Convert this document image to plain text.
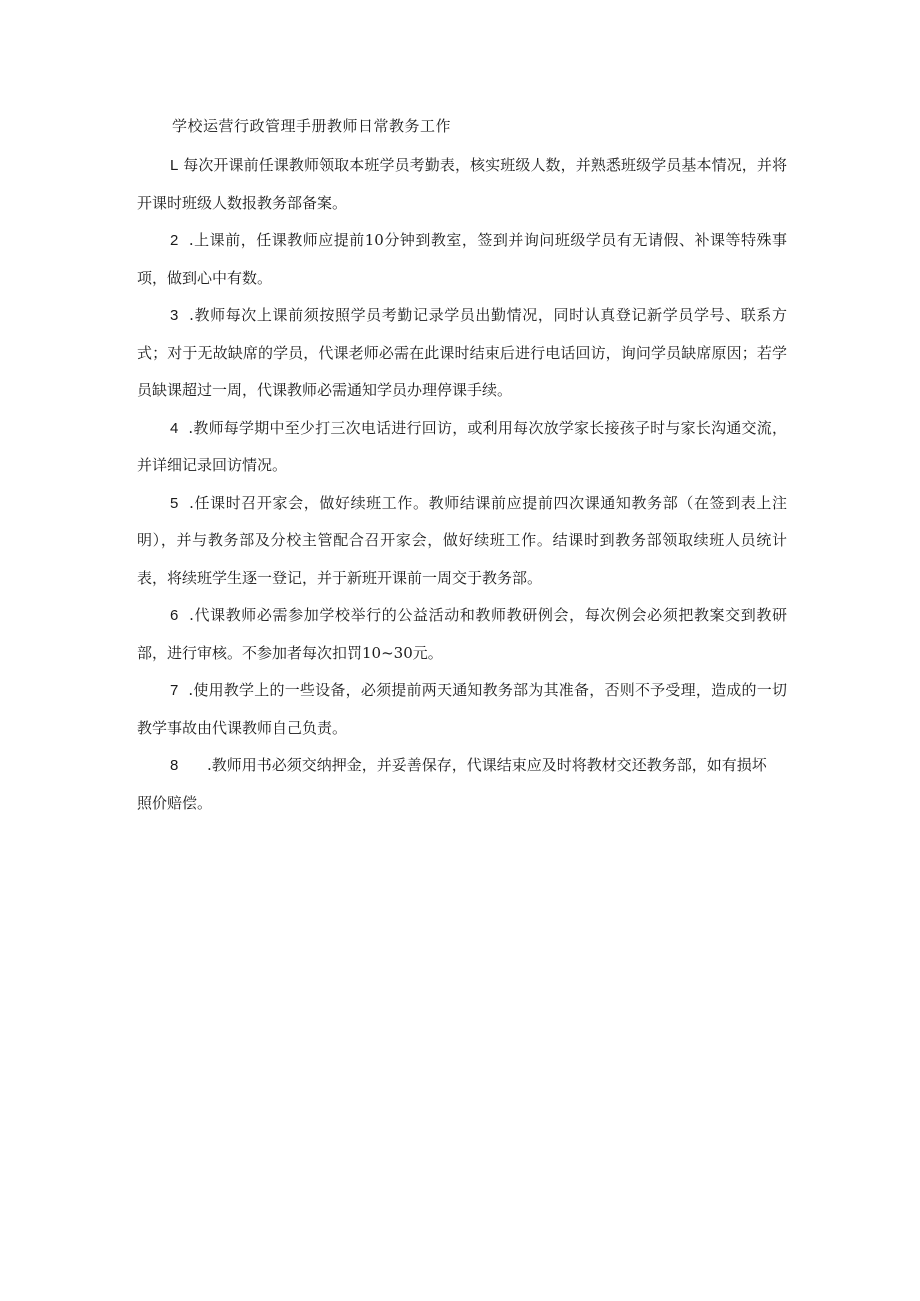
学校运营行政管理手册教师日常教务工作

L 每次开课前任课教师领取本班学员考勤表，核实班级人数，并熟悉班级学员基本情况，并将开课时班级人数报教务部备案。

2  .上课前，任课教师应提前10分钟到教室，签到并询问班级学员有无请假、补课等特殊事项，做到心中有数。

3  .教师每次上课前须按照学员考勤记录学员出勤情况，同时认真登记新学员学号、联系方式；对于无故缺席的学员，代课老师必需在此课时结束后进行电话回访，询问学员缺席原因；若学员缺课超过一周，代课教师必需通知学员办理停课手续。

4  .教师每学期中至少打三次电话进行回访，或利用每次放学家长接孩子时与家长沟通交流，并详细记录回访情况。

5  .任课时召开家会，做好续班工作。教师结课前应提前四次课通知教务部（在签到表上注明），并与教务部及分校主管配合召开家会，做好续班工作。结课时到教务部领取续班人员统计表，将续班学生逐一登记，并于新班开课前一周交于教务部。

6  .代课教师必需参加学校举行的公益活动和教师教研例会，每次例会必须把教案交到教研部，进行审核。不参加者每次扣罚10~30元。

7  .使用教学上的一些设备，必须提前两天通知教务部为其准备，否则不予受理，造成的一切教学事故由代课教师自己负责。

8      .教师用书必须交纳押金，并妥善保存，代课结束应及时将教材交还教务部，如有损坏照价赔偿。
